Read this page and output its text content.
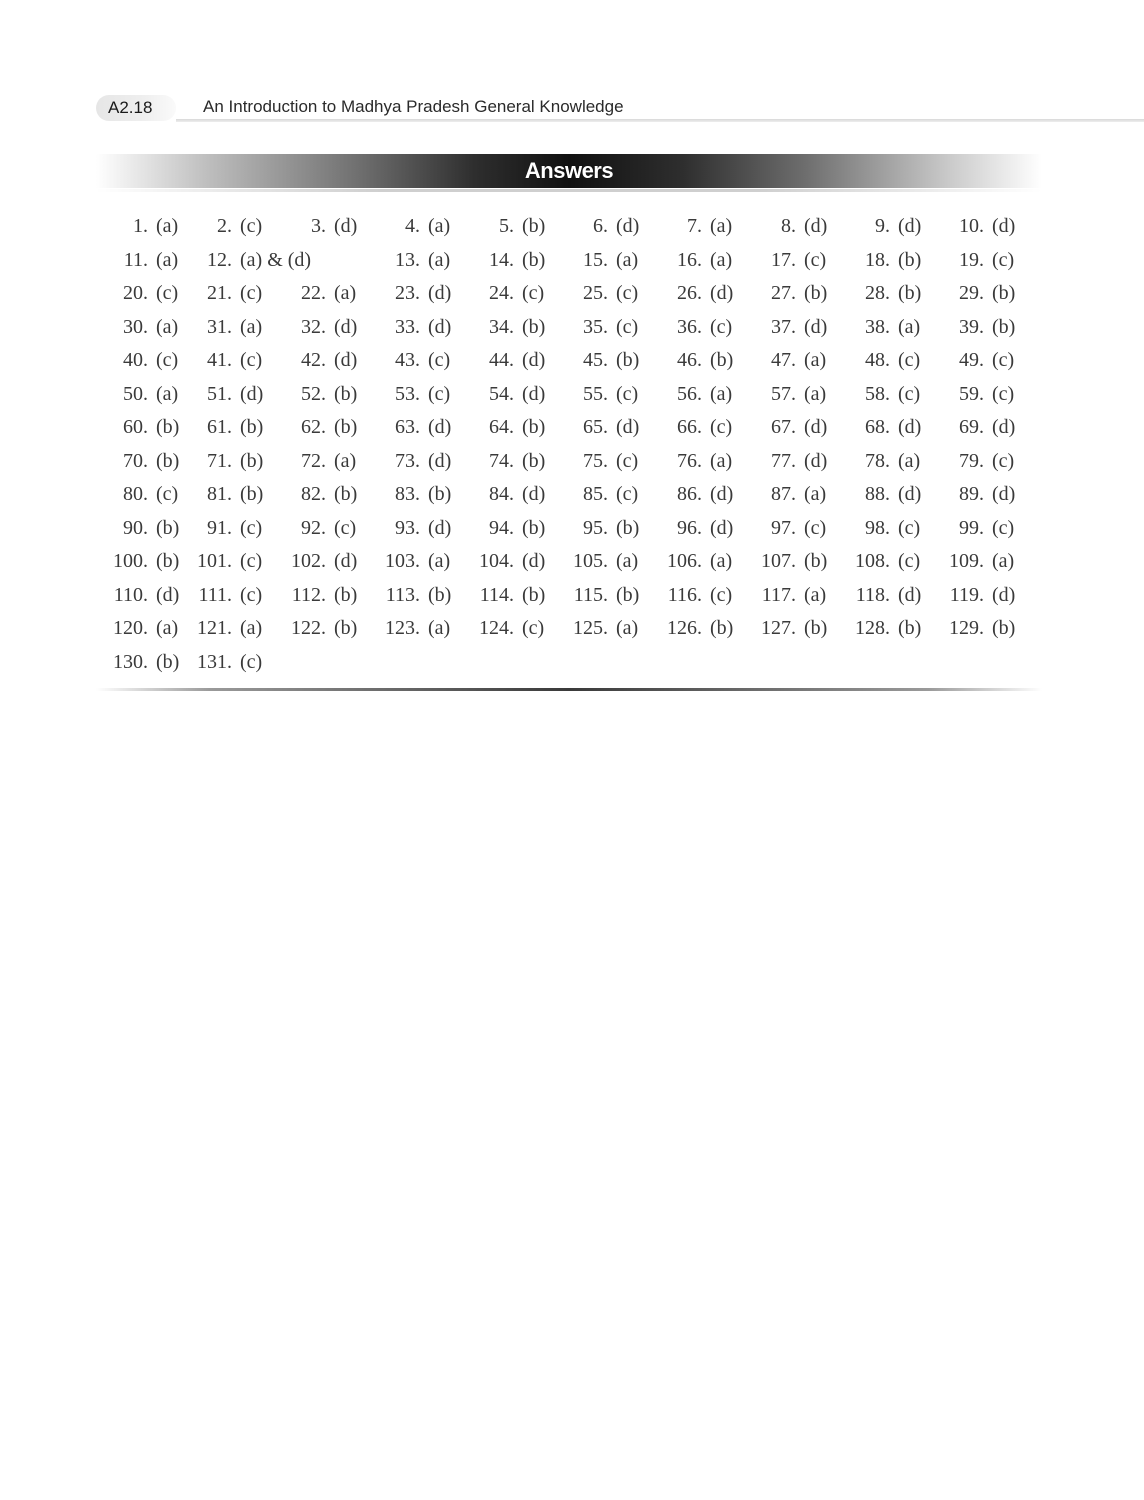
A2.18	An Introduction to Madhya Pradesh General Knowledge
Answers
1. (a) 2. (c) 3. (d) 4. (a) 5. (b) 6. (d) 7. (a) 8. (d) 9. (d) 10. (d)
11. (a) 12. (a) & (d)	13. (a) 14. (b) 15. (a) 16. (a) 17. (c) 18. (b) 19. (c)
20. (c) 21. (c) 22. (a) 23. (d) 24. (c) 25. (c) 26. (d) 27. (b) 28. (b) 29. (b)
30. (a) 31. (a) 32. (d) 33. (d) 34. (b) 35. (c) 36. (c) 37. (d) 38. (a) 39. (b)
40. (c) 41. (c) 42. (d) 43. (c) 44. (d) 45. (b) 46. (b) 47. (a) 48. (c) 49. (c)
50. (a) 51. (d) 52. (b) 53. (c) 54. (d) 55. (c) 56. (a) 57. (a) 58. (c) 59. (c)
60. (b) 61. (b) 62. (b) 63. (d) 64. (b) 65. (d) 66. (c) 67. (d) 68. (d) 69. (d)
70. (b) 71. (b) 72. (a) 73. (d) 74. (b) 75. (c) 76. (a) 77. (d) 78. (a) 79. (c)
80. (c) 81. (b) 82. (b) 83. (b) 84. (d) 85. (c) 86. (d) 87. (a) 88. (d) 89. (d)
90. (b) 91. (c) 92. (c) 93. (d) 94. (b) 95. (b) 96. (d) 97. (c) 98. (c) 99. (c)
100. (b) 101. (c) 102. (d) 103. (a) 104. (d) 105. (a) 106. (a) 107. (b) 108. (c) 109. (a)
110. (d) 111. (c) 112. (b) 113. (b) 114. (b) 115. (b) 116. (c) 117. (a) 118. (d) 119. (d)
120. (a) 121. (a) 122. (b) 123. (a) 124. (c) 125. (a) 126. (b) 127. (b) 128. (b) 129. (b)
130. (b) 131. (c)
